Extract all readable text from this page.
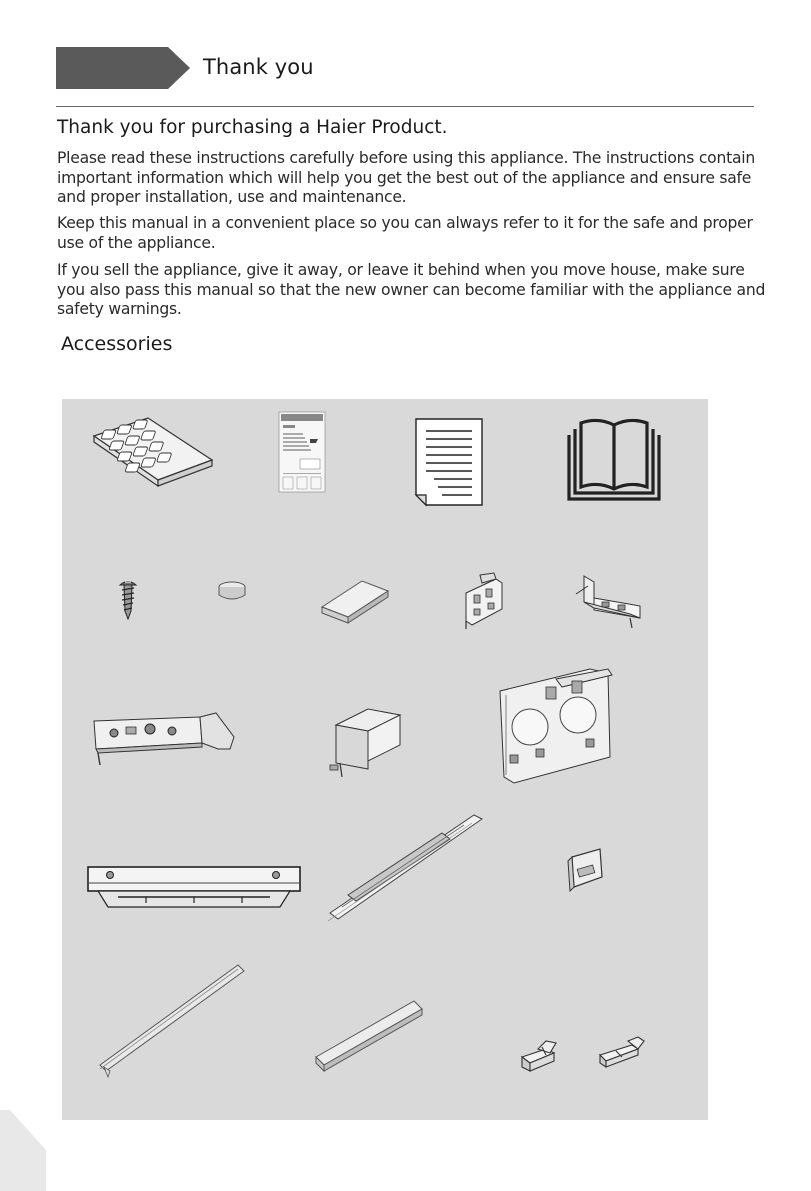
Thank you
Thank you for purchasing a Haier Product.

Please read these instructions carefully before using this appliance. The instructions contain important information which will help you get the best out of the appliance and ensure safe and proper installation, use and maintenance.

Keep this manual in a convenient place so you can always refer to it for the safe and proper use of the appliance.

If you sell the appliance, give it away, or leave it behind when you move house, make sure you also pass this manual so that the new owner can become familiar with the appliance and safety warnings.

Accessories
